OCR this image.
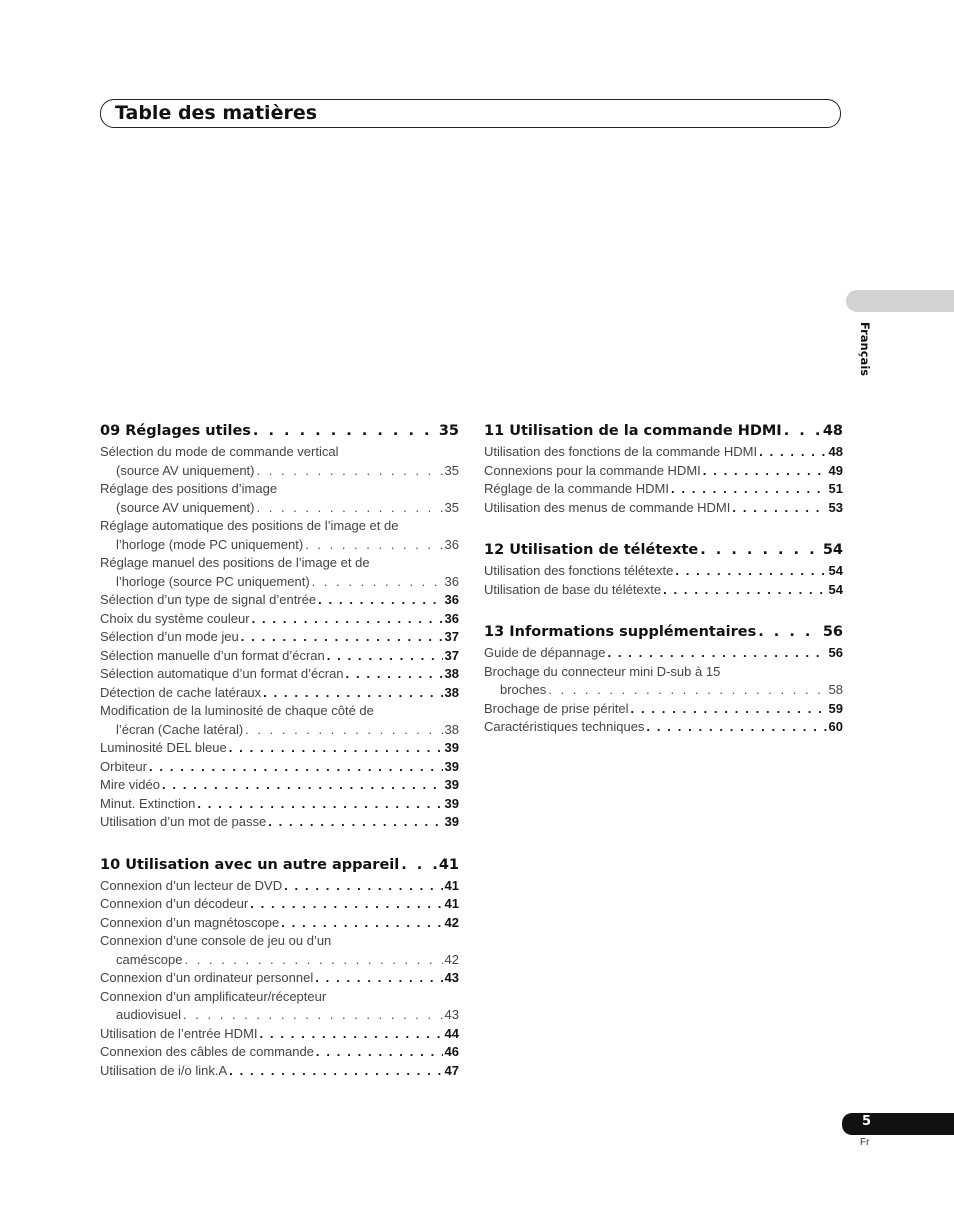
Table des matières
Français
09 Réglages utiles . . .	35
Sélection du mode de commande vertical
(source AV uniquement) . . .	35
Réglage des positions d’image
(source AV uniquement) . . .	35
Réglage automatique des positions de l’image et de
l’horloge (mode PC uniquement) . . .	36
Réglage manuel des positions de l’image et de
l’horloge (source PC uniquement) . . .	36
Sélection d’un type de signal d’entrée . . .	36
Choix du système couleur . . .	36
Sélection d’un mode jeu . . .	37
Sélection manuelle d’un format d’écran . . .	37
Sélection automatique d’un format d’écran . . .	38
Détection de cache latéraux . . .	38
Modification de la luminosité de chaque côté de
l’écran (Cache latéral) . . .	38
Luminosité DEL bleue . . .	39
Orbiteur . . .	39
Mire vidéo . . .	39
Minut. Extinction . . .	39
Utilisation d’un mot de passe . . .	39
10 Utilisation avec un autre appareil . . .	41
Connexion d’un lecteur de DVD . . .	41
Connexion d’un décodeur . . .	41
Connexion d’un magnétoscope . . .	42
Connexion d’une console de jeu ou d’un
caméscope . . .	42
Connexion d’un ordinateur personnel . . .	43
Connexion d’un amplificateur/récepteur
audiovisuel . . .	43
Utilisation de l’entrée HDMI . . .	44
Connexion des câbles de commande . . .	46
Utilisation de i/o link.A . . .	47
11 Utilisation de la commande HDMI . . .	48
Utilisation des fonctions de la commande HDMI . . .	48
Connexions pour la commande HDMI . . .	49
Réglage de la commande HDMI . . .	51
Utilisation des menus de commande HDMI . . .	53
12 Utilisation de télétexte . . .	54
Utilisation des fonctions télétexte . . .	54
Utilisation de base du télétexte . . .	54
13 Informations supplémentaires . . .	56
Guide de dépannage . . .	56
Brochage du connecteur mini D-sub à 15
broches . . .	58
Brochage de prise péritel . . .	59
Caractéristiques techniques . . .	60
5
Fr
